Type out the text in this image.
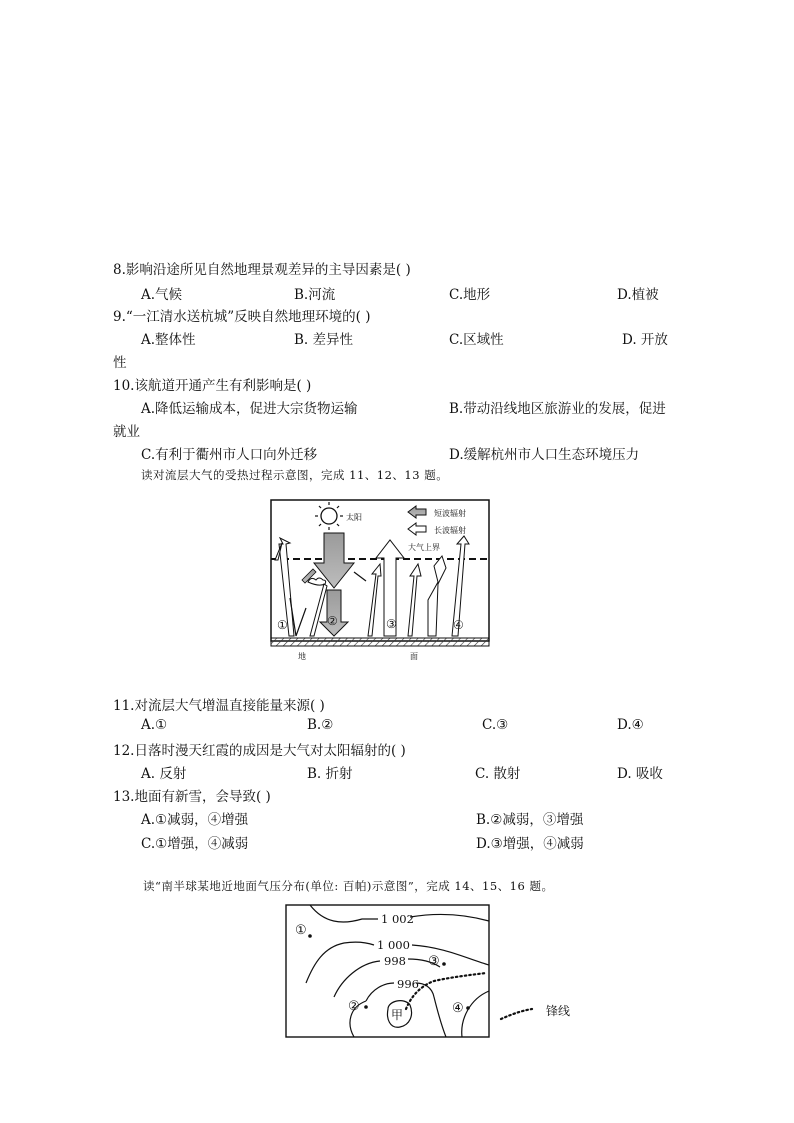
8.影响沿途所见自然地理景观差异的主导因素是( )
A.气候	B.河流	C.地形	D.植被
9.“一江清水送杭城”反映自然地理环境的( )
A.整体性	B. 差异性	C.区域性	D. 开放
性
10.该航道开通产生有利影响是( )
A.降低运输成本，促进大宗货物运输	B.带动沿线地区旅游业的发展，促进
就业
C.有利于衢州市人口向外迁移	D.缓解杭州市人口生态环境压力
读对流层大气的受热过程示意图，完成 11、12、13 题。
太阳	短波辐射
长波辐射
大气上界
①	②	③	④
地	面
11.对流层大气增温直接能量来源( )
A.①	B.②	C.③	D.④
12.日落时漫天红霞的成因是大气对太阳辐射的( )
A. 反射	B. 折射	C. 散射	D. 吸收
13.地面有新雪，会导致( )
A.①减弱，④增强	B.②减弱，③增强
C.①增强，④减弱	D.③增强，④减弱
读“南半球某地近地面气压分布(单位: 百帕)示意图”，完成 14、15、16 题。
1 002
1 000
998
996
①
②
③
④
甲	锋线
